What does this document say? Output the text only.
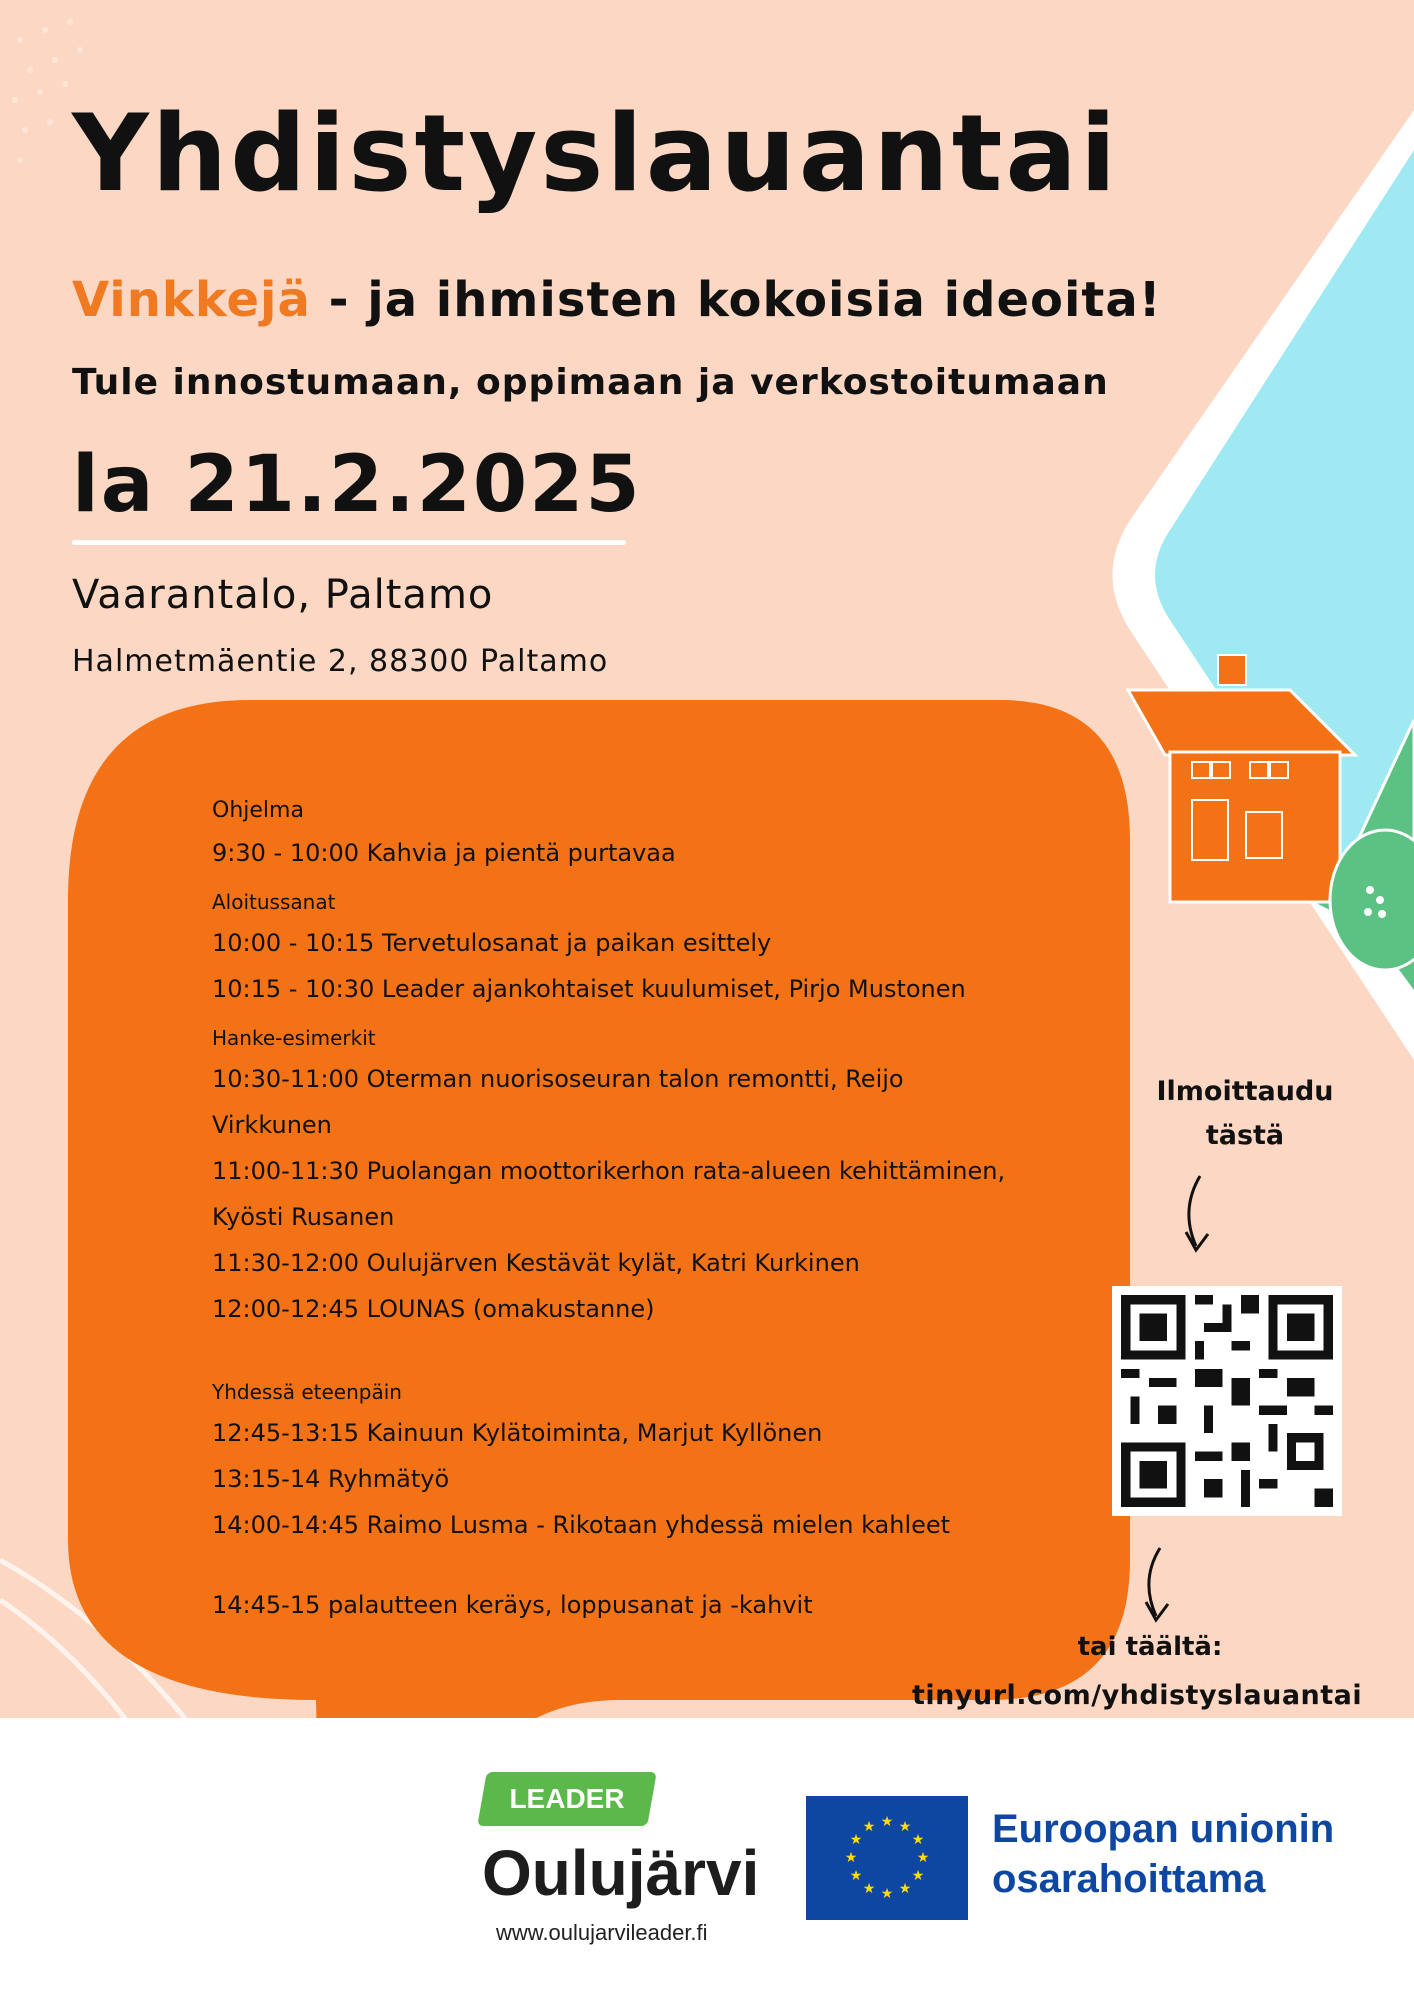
Yhdistyslauantai
Vinkkejä - ja ihmisten kokoisia ideoita!
Tule innostumaan, oppimaan ja verkostoitumaan
la 21.2.2025
Vaarantalo, Paltamo
Halmetmäentie 2, 88300 Paltamo
Ohjelma
9:30 - 10:00 Kahvia ja pientä purtavaa
Aloitussanat
10:00 - 10:15 Tervetulosanat ja paikan esittely
10:15 - 10:30 Leader ajankohtaiset kuulumiset, Pirjo Mustonen
Hanke-esimerkit
10:30-11:00 Oterman nuorisoseuran talon remontti, Reijo
Virkkunen
11:00-11:30 Puolangan moottorikerhon rata-alueen kehittäminen,
Kyösti Rusanen
11:30-12:00 Oulujärven Kestävät kylät, Katri Kurkinen
12:00-12:45 LOUNAS (omakustanne)
Yhdessä eteenpäin
12:45-13:15 Kainuun Kylätoiminta, Marjut Kyllönen
13:15-14 Ryhmätyö
14:00-14:45 Raimo Lusma - Rikotaan yhdessä mielen kahleet
14:45-15 palautteen keräys, loppusanat ja -kahvit
Ilmoittaudu
tästä
tai täältä:
tinyurl.com/yhdistyslauantai
LEADER
Oulujärvi
www.oulujarvileader.fi
★ ★
★
★
★
★
★
★
★
★
★
★	Euroopan unionin
osarahoittama
